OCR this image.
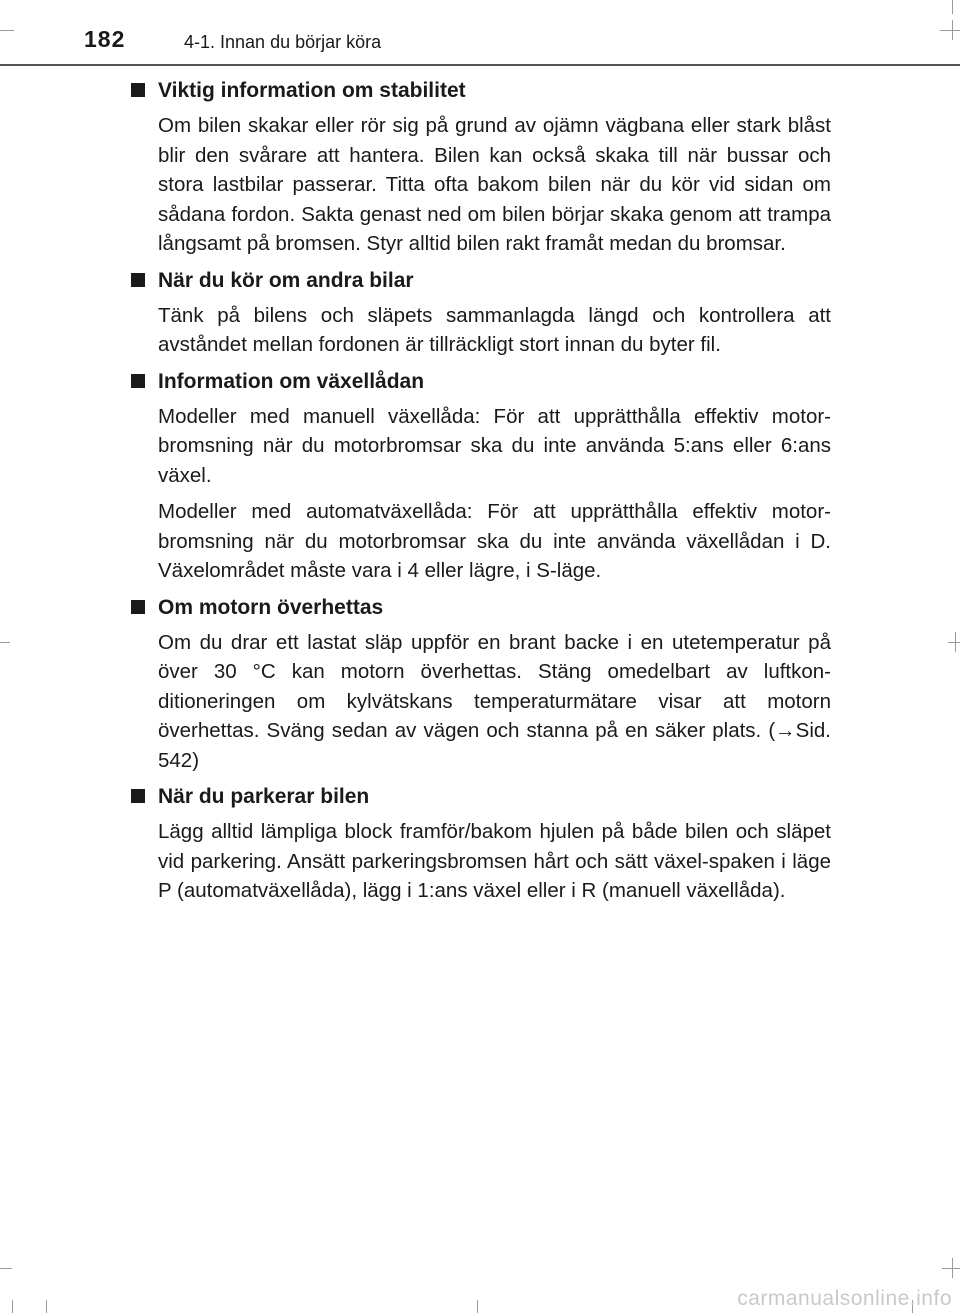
182	4-1. Innan du börjar köra
Viktig information om stabilitet

Om bilen skakar eller rör sig på grund av ojämn vägbana eller stark blåst blir den svårare att hantera. Bilen kan också skaka till när bussar och stora lastbilar passerar. Titta ofta bakom bilen när du kör vid sidan om sådana fordon. Sakta genast ned om bilen börjar skaka genom att trampa långsamt på bromsen. Styr alltid bilen rakt framåt medan du bromsar.

När du kör om andra bilar

Tänk på bilens och släpets sammanlagda längd och kontrollera att avståndet mellan fordonen är tillräckligt stort innan du byter fil.

Information om växellådan

Modeller med manuell växellåda: För att upprätthålla effektiv motor-bromsning när du motorbromsar ska du inte använda 5:ans eller 6:ans växel.

Modeller med automatväxellåda: För att upprätthålla effektiv motor-bromsning när du motorbromsar ska du inte använda växellådan i D. Växelområdet måste vara i 4 eller lägre, i S-läge.

Om motorn överhettas

Om du drar ett lastat släp uppför en brant backe i en utetemperatur på över 30 °C kan motorn överhettas. Stäng omedelbart av luftkon-ditioneringen om kylvätskans temperaturmätare visar att motorn överhettas. Sväng sedan av vägen och stanna på en säker plats. (→Sid. 542)

När du parkerar bilen

Lägg alltid lämpliga block framför/bakom hjulen på både bilen och släpet vid parkering. Ansätt parkeringsbromsen hårt och sätt växel-spaken i läge P (automatväxellåda), lägg i 1:ans växel eller i R (manuell växellåda).

carmanualsonline.info
